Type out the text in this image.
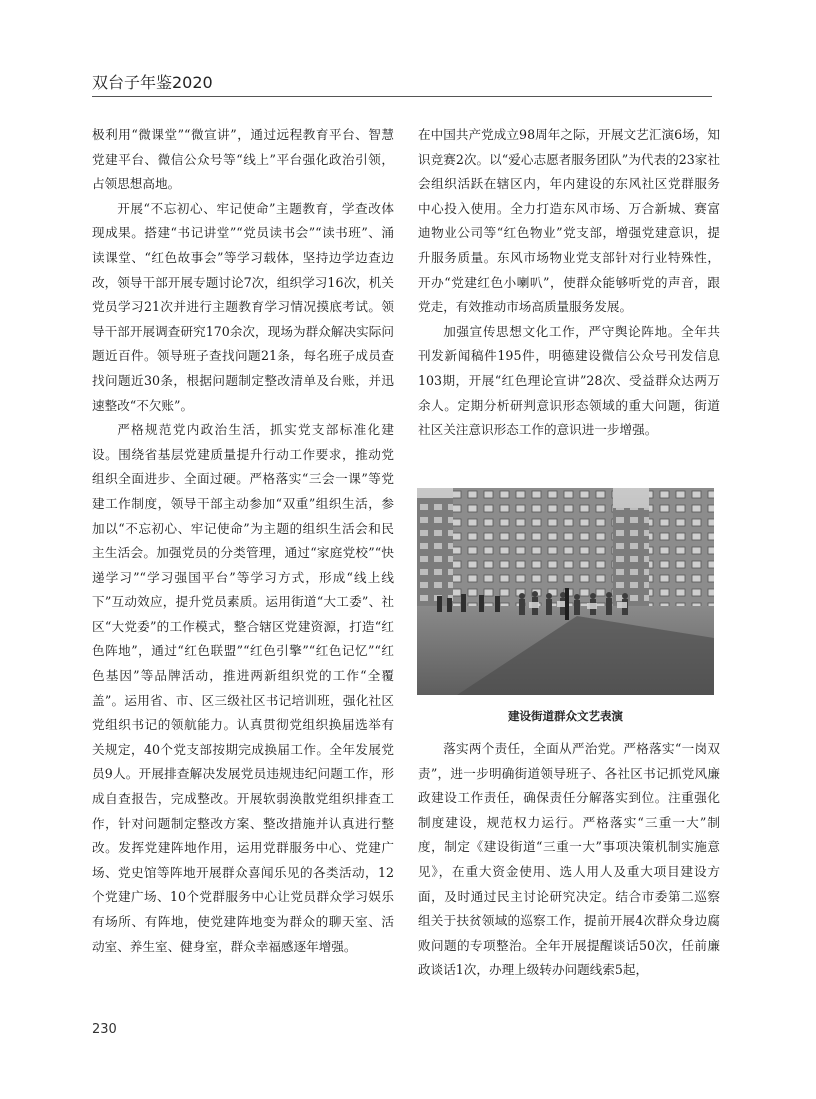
双台子年鉴2020

极利用“微课堂”“微宣讲”，通过远程教育平台、智慧党建平台、微信公众号等“线上”平台强化政治引领，占领思想高地。

开展“不忘初心、牢记使命”主题教育，学查改体现成果。搭建“书记讲堂”“党员读书会”“读书班”、涌读课堂、“红色故事会”等学习载体，坚持边学边查边改，领导干部开展专题讨论7次，组织学习16次，机关党员学习21次并进行主题教育学习情况摸底考试。领导干部开展调查研究170余次，现场为群众解决实际问题近百件。领导班子查找问题21条，每名班子成员查找问题近30条，根据问题制定整改清单及台账，并迅速整改“不欠账”。

严格规范党内政治生活，抓实党支部标准化建设。围绕省基层党建质量提升行动工作要求，推动党组织全面进步、全面过硬。严格落实“三会一课”等党建工作制度，领导干部主动参加“双重”组织生活，参加以“不忘初心、牢记使命”为主题的组织生活会和民主生活会。加强党员的分类管理，通过“家庭党校”“快递学习”“学习强国平台”等学习方式，形成“线上线下”互动效应，提升党员素质。运用街道“大工委”、社区“大党委”的工作模式，整合辖区党建资源，打造“红色阵地”，通过“红色联盟”“红色引擎”“红色记忆”“红色基因”等品牌活动，推进两新组织党的工作“全覆盖”。运用省、市、区三级社区书记培训班，强化社区党组织书记的领航能力。认真贯彻党组织换届选举有关规定，40个党支部按期完成换届工作。全年发展党员9人。开展排查解决发展党员违规违纪问题工作，形成自查报告，完成整改。开展软弱涣散党组织排查工作，针对问题制定整改方案、整改措施并认真进行整改。发挥党建阵地作用，运用党群服务中心、党建广场、党史馆等阵地开展群众喜闻乐见的各类活动，12个党建广场、10个党群服务中心让党员群众学习娱乐有场所、有阵地，使党建阵地变为群众的聊天室、活动室、养生室、健身室，群众幸福感逐年增强。

在中国共产党成立98周年之际，开展文艺汇演6场，知识竞赛2次。以“爱心志愿者服务团队”为代表的23家社会组织活跃在辖区内，年内建设的东风社区党群服务中心投入使用。全力打造东风市场、万合新城、赛富迪物业公司等“红色物业”党支部，增强党建意识，提升服务质量。东风市场物业党支部针对行业特殊性，开办“党建红色小喇叭”，使群众能够听党的声音，跟党走，有效推动市场高质量服务发展。

加强宣传思想文化工作，严守舆论阵地。全年共刊发新闻稿件195件，明德建设微信公众号刊发信息103期，开展“红色理论宣讲”28次、受益群众达两万余人。定期分析研判意识形态领域的重大问题，街道社区关注意识形态工作的意识进一步增强。

建设街道群众文艺表演

落实两个责任，全面从严治党。严格落实“一岗双责”，进一步明确街道领导班子、各社区书记抓党风廉政建设工作责任，确保责任分解落实到位。注重强化制度建设，规范权力运行。严格落实“三重一大”制度，制定《建设街道“三重一大”事项决策机制实施意见》，在重大资金使用、选人用人及重大项目建设方面，及时通过民主讨论研究决定。结合市委第二巡察组关于扶贫领域的巡察工作，提前开展4次群众身边腐败问题的专项整治。全年开展提醒谈话50次，任前廉政谈话1次，办理上级转办问题线索5起，

230
